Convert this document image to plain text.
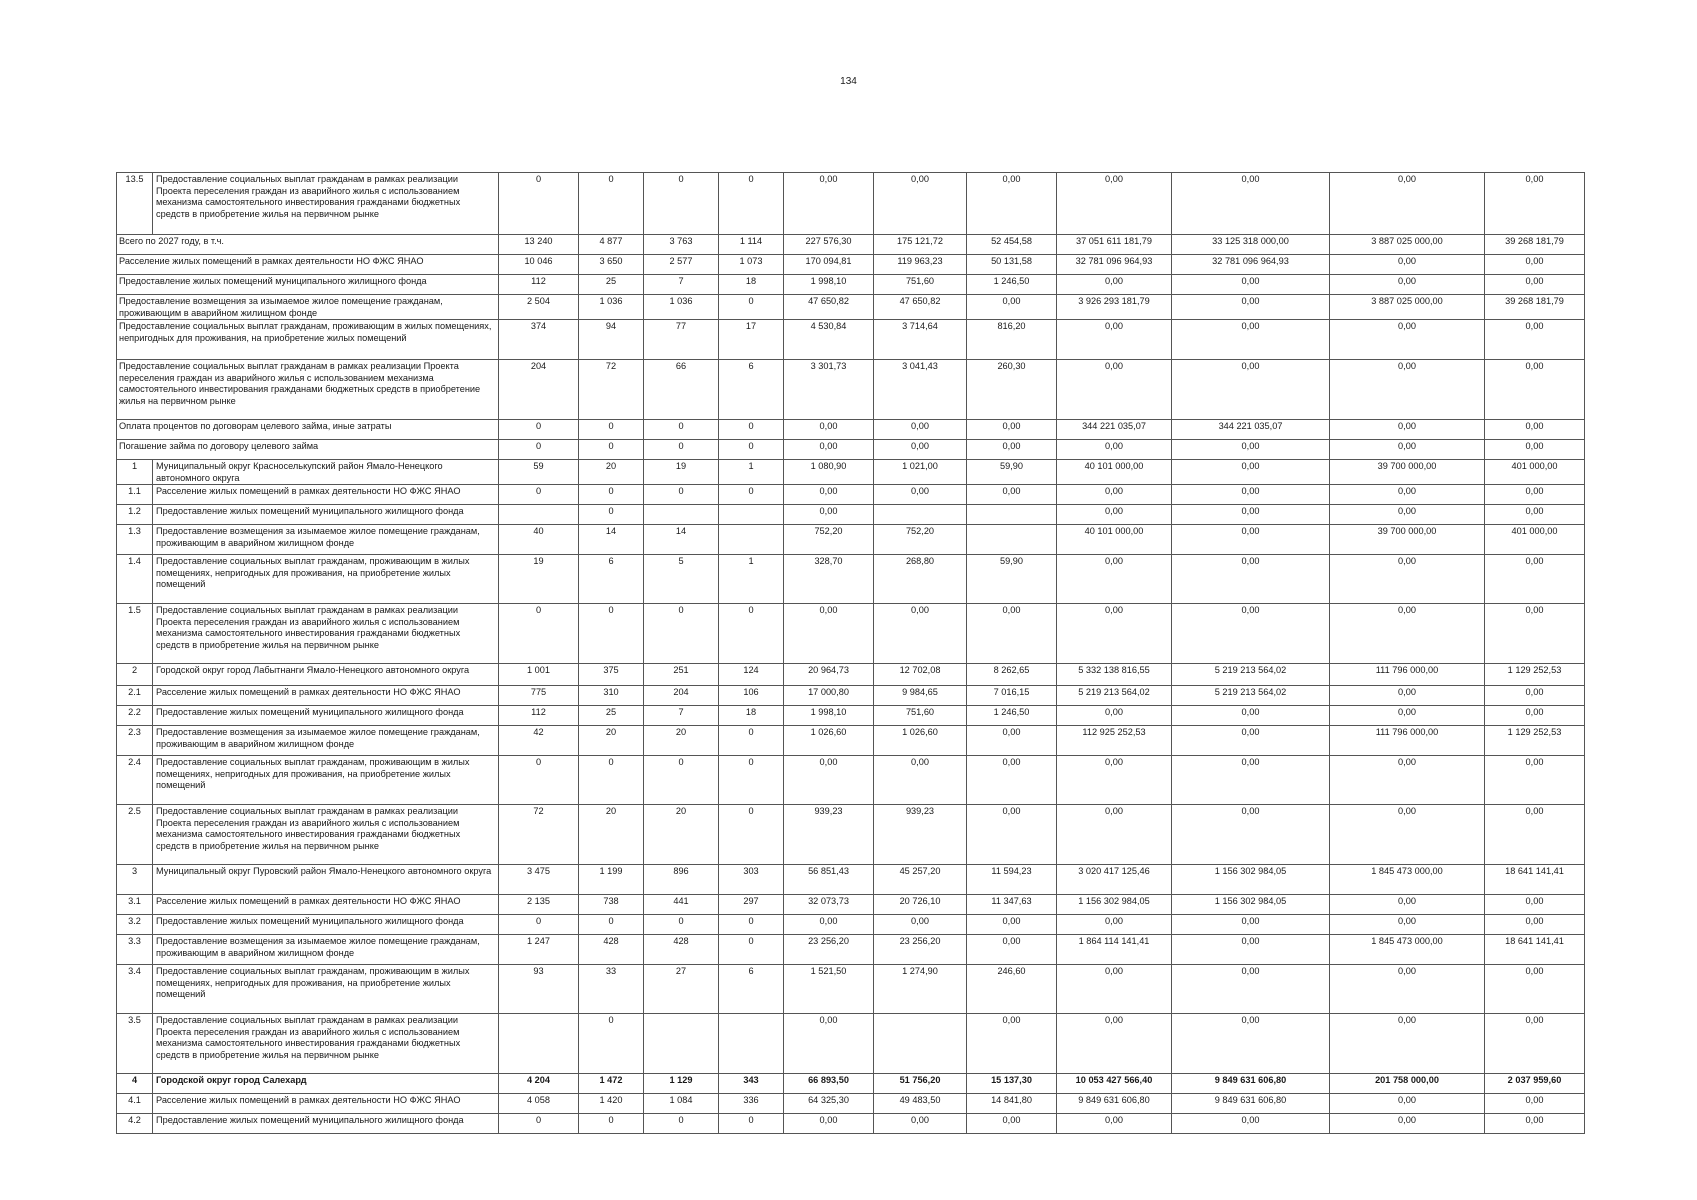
134
13.5	Предоставление социальных выплат гражданам в рамках реализации Проекта переселения граждан из аварийного жилья с использованием механизма самостоятельного инвестирования гражданами бюджетных средств в приобретение жилья на первичном рынке	0	0	0	0	0,00	0,00	0,00	0,00	0,00	0,00	0,00
Всего по 2027 году, в т.ч.		13 240	4 877	3 763	1 114	227 576,30	175 121,72	52 454,58	37 051 611 181,79	33 125 318 000,00	3 887 025 000,00	39 268 181,79
Расселение жилых помещений в рамках деятельности НО ФЖС ЯНАО		10 046	3 650	2 577	1 073	170 094,81	119 963,23	50 131,58	32 781 096 964,93	32 781 096 964,93	0,00	0,00
Предоставление жилых помещений муниципального жилищного фонда		112	25	7	18	1 998,10	751,60	1 246,50	0,00	0,00	0,00	0,00
Предоставление возмещения за изымаемое жилое помещение гражданам, проживающим в аварийном жилищном фонде		2 504	1 036	1 036	0	47 650,82	47 650,82	0,00	3 926 293 181,79	0,00	3 887 025 000,00	39 268 181,79
Предоставление социальных выплат гражданам, проживающим в жилых помещениях, непригодных для проживания, на приобретение жилых помещений		374	94	77	17	4 530,84	3 714,64	816,20	0,00	0,00	0,00	0,00
Предоставление социальных выплат гражданам в рамках реализации Проекта переселения граждан из аварийного жилья с использованием механизма самостоятельного инвестирования гражданами бюджетных средств в приобретение жилья на первичном рынке		204	72	66	6	3 301,73	3 041,43	260,30	0,00	0,00	0,00	0,00
Оплата процентов по договорам целевого займа, иные затраты		0	0	0	0	0,00	0,00	0,00	344 221 035,07	344 221 035,07	0,00	0,00
Погашение займа по договору целевого займа		0	0	0	0	0,00	0,00	0,00	0,00	0,00	0,00	0,00
1	Муниципальный округ Красноселькупский район Ямало-Ненецкого автономного округа	59	20	19	1	1 080,90	1 021,00	59,90	40 101 000,00	0,00	39 700 000,00	401 000,00
1.1	Расселение жилых помещений в рамках деятельности НО ФЖС ЯНАО	0	0	0	0	0,00	0,00	0,00	0,00	0,00	0,00	0,00
1.2	Предоставление жилых помещений муниципального жилищного фонда		0			0,00			0,00	0,00	0,00	0,00
1.3	Предоставление возмещения за изымаемое жилое помещение гражданам, проживающим в аварийном жилищном фонде	40	14	14		752,20	752,20		40 101 000,00	0,00	39 700 000,00	401 000,00
1.4	Предоставление социальных выплат гражданам, проживающим в жилых помещениях, непригодных для проживания, на приобретение жилых помещений	19	6	5	1	328,70	268,80	59,90	0,00	0,00	0,00	0,00
1.5	Предоставление социальных выплат гражданам в рамках реализации Проекта переселения граждан из аварийного жилья с использованием механизма самостоятельного инвестирования гражданами бюджетных средств в приобретение жилья на первичном рынке	0	0	0	0	0,00	0,00	0,00	0,00	0,00	0,00	0,00
2	Городской округ город Лабытнанги Ямало-Ненецкого автономного округа	1 001	375	251	124	20 964,73	12 702,08	8 262,65	5 332 138 816,55	5 219 213 564,02	111 796 000,00	1 129 252,53
2.1	Расселение жилых помещений в рамках деятельности НО ФЖС ЯНАО	775	310	204	106	17 000,80	9 984,65	7 016,15	5 219 213 564,02	5 219 213 564,02	0,00	0,00
2.2	Предоставление жилых помещений муниципального жилищного фонда	112	25	7	18	1 998,10	751,60	1 246,50	0,00	0,00	0,00	0,00
2.3	Предоставление возмещения за изымаемое жилое помещение гражданам, проживающим в аварийном жилищном фонде	42	20	20	0	1 026,60	1 026,60	0,00	112 925 252,53	0,00	111 796 000,00	1 129 252,53
2.4	Предоставление социальных выплат гражданам, проживающим в жилых помещениях, непригодных для проживания, на приобретение жилых помещений	0	0	0	0	0,00	0,00	0,00	0,00	0,00	0,00	0,00
2.5	Предоставление социальных выплат гражданам в рамках реализации Проекта переселения граждан из аварийного жилья с использованием механизма самостоятельного инвестирования гражданами бюджетных средств в приобретение жилья на первичном рынке	72	20	20	0	939,23	939,23	0,00	0,00	0,00	0,00	0,00
3	Муниципальный округ Пуровский район Ямало-Ненецкого автономного округа	3 475	1 199	896	303	56 851,43	45 257,20	11 594,23	3 020 417 125,46	1 156 302 984,05	1 845 473 000,00	18 641 141,41
3.1	Расселение жилых помещений в рамках деятельности НО ФЖС ЯНАО	2 135	738	441	297	32 073,73	20 726,10	11 347,63	1 156 302 984,05	1 156 302 984,05	0,00	0,00
3.2	Предоставление жилых помещений муниципального жилищного фонда	0	0	0	0	0,00	0,00	0,00	0,00	0,00	0,00	0,00
3.3	Предоставление возмещения за изымаемое жилое помещение гражданам, проживающим в аварийном жилищном фонде	1 247	428	428	0	23 256,20	23 256,20	0,00	1 864 114 141,41	0,00	1 845 473 000,00	18 641 141,41
3.4	Предоставление социальных выплат гражданам, проживающим в жилых помещениях, непригодных для проживания, на приобретение жилых помещений	93	33	27	6	1 521,50	1 274,90	246,60	0,00	0,00	0,00	0,00
3.5	Предоставление социальных выплат гражданам в рамках реализации Проекта переселения граждан из аварийного жилья с использованием механизма самостоятельного инвестирования гражданами бюджетных средств в приобретение жилья на первичном рынке		0			0,00		0,00	0,00	0,00	0,00	0,00
4	Городской округ город Салехард	4 204	1 472	1 129	343	66 893,50	51 756,20	15 137,30	10 053 427 566,40	9 849 631 606,80	201 758 000,00	2 037 959,60
4.1	Расселение жилых помещений в рамках деятельности НО ФЖС ЯНАО	4 058	1 420	1 084	336	64 325,30	49 483,50	14 841,80	9 849 631 606,80	9 849 631 606,80	0,00	0,00
4.2	Предоставление жилых помещений муниципального жилищного фонда	0	0	0	0	0,00	0,00	0,00	0,00	0,00	0,00	0,00
